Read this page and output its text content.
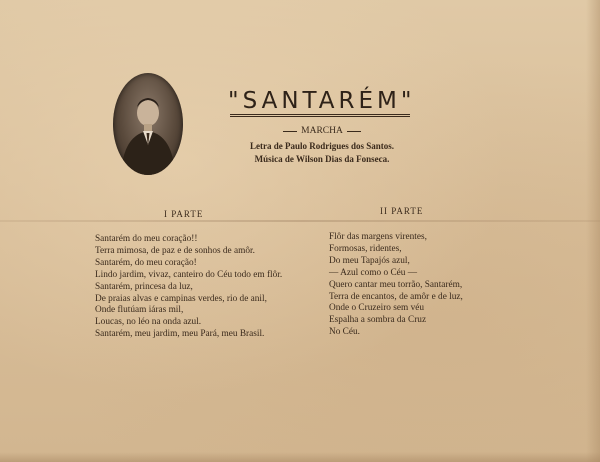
"SANTARÉM"
MARCHA
Letra de Paulo Rodrigues dos Santos.
Música de Wilson Dias da Fonseca.
I PARTE	II PARTE
Santarém do meu coração!!
Terra mimosa, de paz e de sonhos de amôr.
Santarém, do meu coração!
Lindo jardim, vivaz, canteiro do Céu todo em flôr.
Santarém, princesa da luz,
De praias alvas e campinas verdes, rio de anil,
Onde flutúam iáras mil,
Loucas, no léo na onda azul.
Santarém, meu jardim, meu Pará, meu Brasil.
Flôr das margens virentes,
Formosas, ridentes,
Do meu Tapajós azul,
— Azul como o Céu —
Quero cantar meu torrão, Santarém,
Terra de encantos, de amôr e de luz,
Onde o Cruzeiro sem véu
Espalha a sombra da Cruz
No Céu.
